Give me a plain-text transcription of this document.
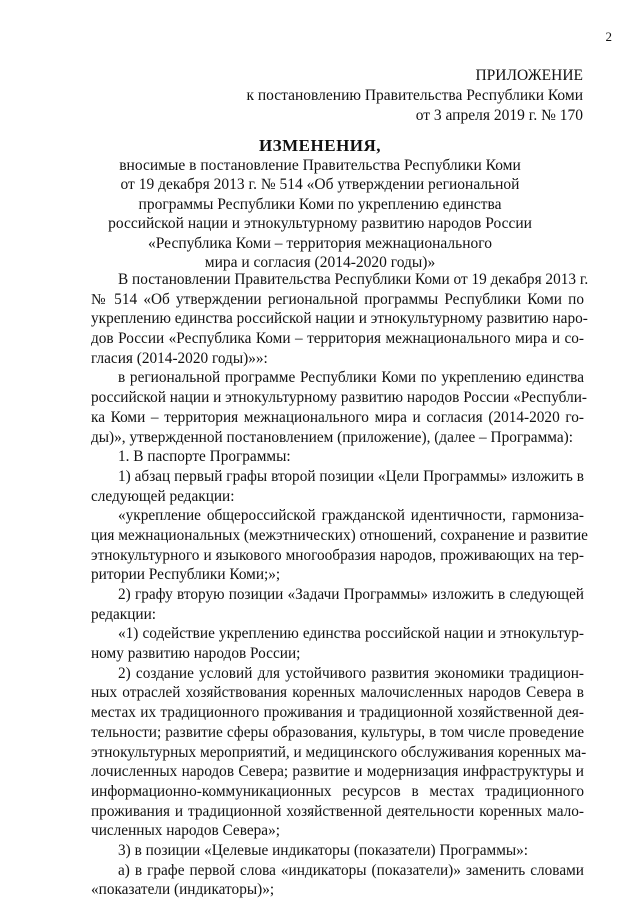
2
ПРИЛОЖЕНИЕ
к постановлению Правительства Республики Коми
от 3 апреля 2019 г. № 170
ИЗМЕНЕНИЯ,
вносимые в постановление Правительства Республики Коми
от 19 декабря 2013 г. № 514 «Об утверждении региональной
программы Республики Коми по укреплению единства
российской нации и этнокультурному развитию народов России
«Республика Коми – территория межнационального
мира и согласия (2014-2020 годы)»
В постановлении Правительства Республики Коми от 19 декабря 2013 г.
№ 514 «Об утверждении региональной программы Республики Коми по
укреплению единства российской нации и этнокультурному развитию наро-
дов России «Республика Коми – территория межнационального мира и со-
гласия (2014-2020 годы)»»:
в региональной программе Республики Коми по укреплению единства
российской нации и этнокультурному развитию народов России «Республи-
ка Коми – территория межнационального мира и согласия (2014-2020 го-
ды)», утвержденной постановлением (приложение), (далее – Программа):
1. В паспорте Программы:
1) абзац первый графы второй позиции «Цели Программы» изложить в
следующей редакции:
«укрепление общероссийской гражданской идентичности, гармониза-
ция межнациональных (межэтнических) отношений, сохранение и развитие
этнокультурного и языкового многообразия народов, проживающих на тер-
ритории Республики Коми;»;
2) графу вторую позиции «Задачи Программы» изложить в следующей
редакции:
«1) содействие укреплению единства российской нации и этнокультур-
ному развитию народов России;
2) создание условий для устойчивого развития экономики традицион-
ных отраслей хозяйствования коренных малочисленных народов Севера в
местах их традиционного проживания и традиционной хозяйственной дея-
тельности; развитие сферы образования, культуры, в том числе проведение
этнокультурных мероприятий, и медицинского обслуживания коренных ма-
лочисленных народов Севера; развитие и модернизация инфраструктуры и
информационно-коммуникационных ресурсов в местах традиционного
проживания и традиционной хозяйственной деятельности коренных мало-
численных народов Севера»;
3) в позиции «Целевые индикаторы (показатели) Программы»:
а) в графе первой слова «индикаторы (показатели)» заменить словами
«показатели (индикаторы)»;
